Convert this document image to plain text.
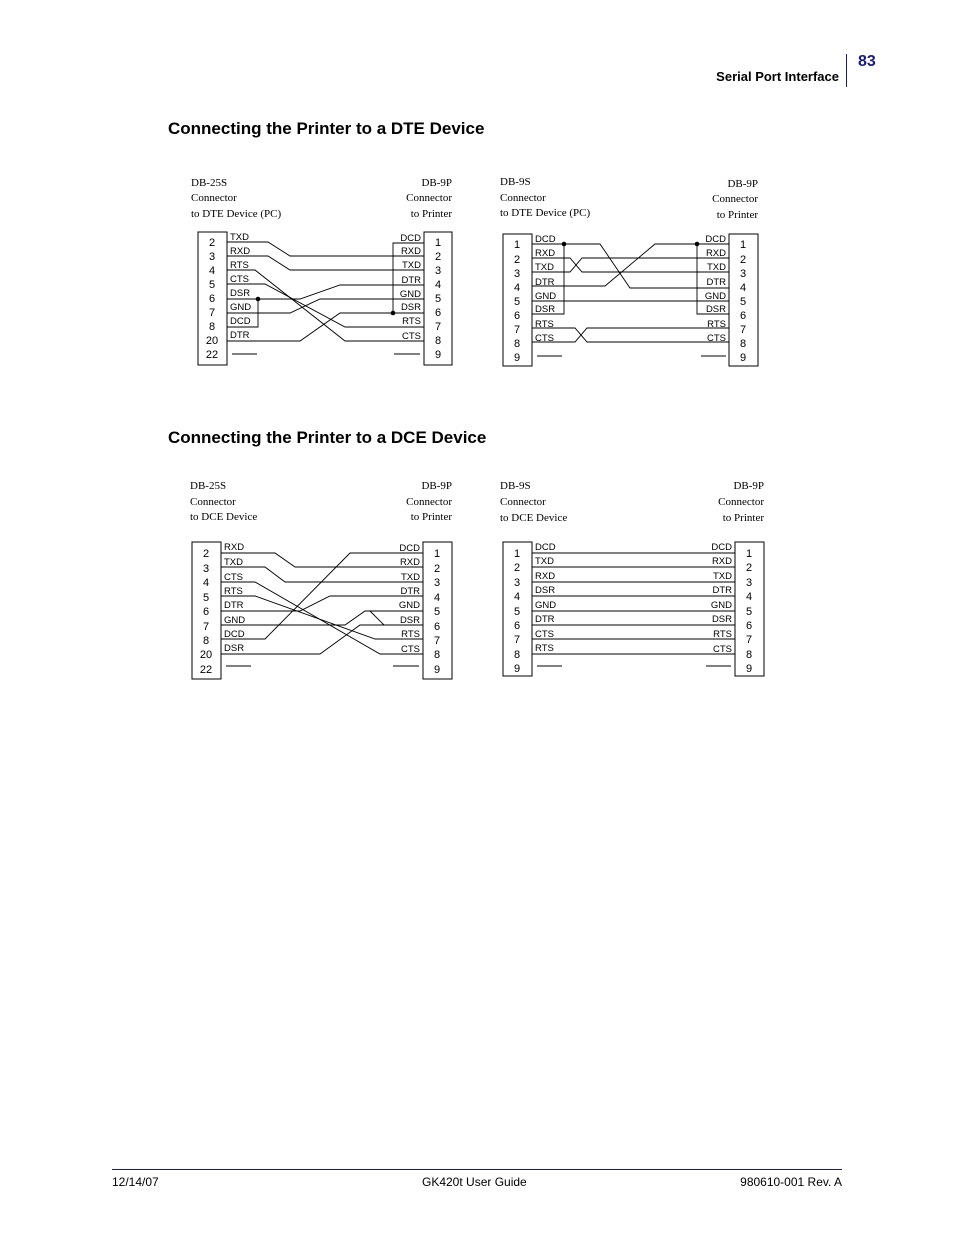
Serial Port Interface
83
Connecting the Printer to a DTE Device
Connecting the Printer to a DCE Device
DB-25S
Connector
to DTE Device (PC)
DB-9P
Connector
to Printer
2
3
4
5
6
7
8
20
22
1
2
3
4
5
6
7
8
9
TXD
RXD
RTS
CTS
DSR
GND
DCD
DTR
DCD
RXD
TXD
DTR
GND
DSR
RTS
CTS
DB-9S
Connector
to DTE Device (PC)
DB-9P
Connector
to Printer
1
2
3
4
5
6
7
8
9
1
2
3
4
5
6
7
8
9
DCD
RXD
TXD
DTR
GND
DSR
RTS
CTS
DCD
RXD
TXD
DTR
GND
DSR
RTS
CTS
DB-25S
Connector
to DCE Device
DB-9P
Connector
to Printer
2
3
4
5
6
7
8
20
22
1
2
3
4
5
6
7
8
9
RXD
TXD
CTS
RTS
DTR
GND
DCD
DSR
DCD
RXD
TXD
DTR
GND
DSR
RTS
CTS
DB-9S
Connector
to DCE Device
DB-9P
Connector
to Printer
1
2
3
4
5
6
7
8
9
1
2
3
4
5
6
7
8
9
DCD
TXD
RXD
DSR
GND
DTR
CTS
RTS
DCD
RXD
TXD
DTR
GND
DSR
RTS
CTS
12/14/07	GK420t User Guide	980610-001 Rev. A
